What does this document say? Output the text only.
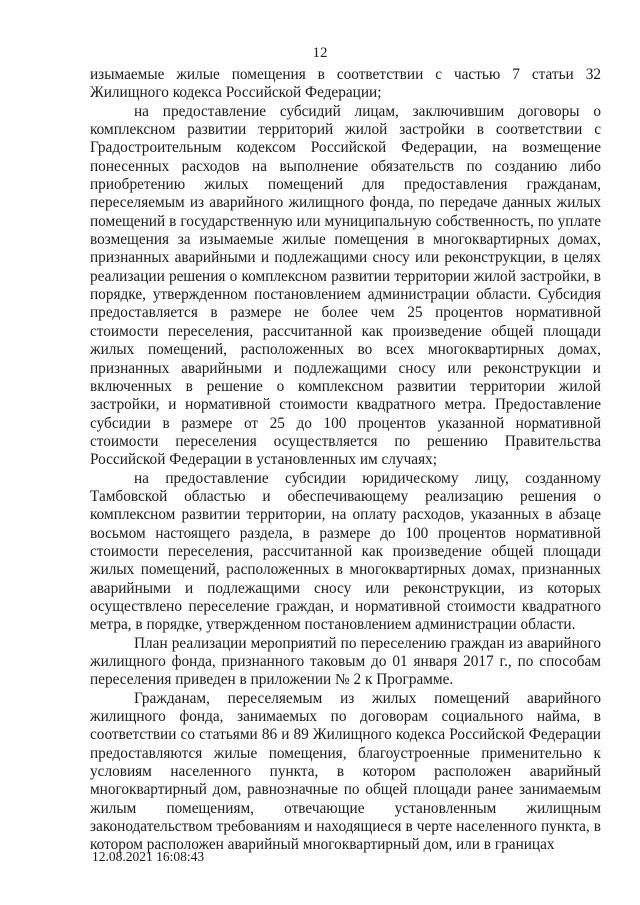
12

изымаемые жилые помещения в соответствии с частью 7 статьи 32 Жилищного кодекса Российской Федерации;

на предоставление субсидий лицам, заключившим договоры о комплексном развитии территорий жилой застройки в соответствии с Градостроительным кодексом Российской Федерации, на возмещение понесенных расходов на выполнение обязательств по созданию либо приобретению жилых помещений для предоставления гражданам, переселяемым из аварийного жилищного фонда, по передаче данных жилых помещений в государственную или муниципальную собственность, по уплате возмещения за изымаемые жилые помещения в многоквартирных домах, признанных аварийными и подлежащими сносу или реконструкции, в целях реализации решения о комплексном развитии территории жилой застройки, в порядке, утвержденном постановлением администрации области. Субсидия предоставляется в размере не более чем 25 процентов нормативной стоимости переселения, рассчитанной как произведение общей площади жилых помещений, расположенных во всех многоквартирных домах, признанных аварийными и подлежащими сносу или реконструкции и включенных в решение о комплексном развитии территории жилой застройки, и нормативной стоимости квадратного метра. Предоставление субсидии в размере от 25 до 100 процентов указанной нормативной стоимости переселения осуществляется по решению Правительства Российской Федерации в установленных им случаях;

на предоставление субсидии юридическому лицу, созданному Тамбовской областью и обеспечивающему реализацию решения о комплексном развитии территории, на оплату расходов, указанных в абзаце восьмом настоящего раздела, в размере до 100 процентов нормативной стоимости переселения, рассчитанной как произведение общей площади жилых помещений, расположенных в многоквартирных домах, признанных аварийными и подлежащими сносу или реконструкции, из которых осуществлено переселение граждан, и нормативной стоимости квадратного метра, в порядке, утвержденном постановлением администрации области.

План реализации мероприятий по переселению граждан из аварийного жилищного фонда, признанного таковым до 01 января 2017 г., по способам переселения приведен в приложении № 2 к Программе.

Гражданам, переселяемым из жилых помещений аварийного жилищного фонда, занимаемых по договорам социального найма, в соответствии со статьями 86 и 89 Жилищного кодекса Российской Федерации предоставляются жилые помещения, благоустроенные применительно к условиям населенного пункта, в котором расположен аварийный многоквартирный дом, равнозначные по общей площади ранее занимаемым жилым помещениям, отвечающие установленным жилищным законодательством требованиям и находящиеся в черте населенного пункта, в котором расположен аварийный многоквартирный дом, или в границах

12.08.2021 16:08:43
